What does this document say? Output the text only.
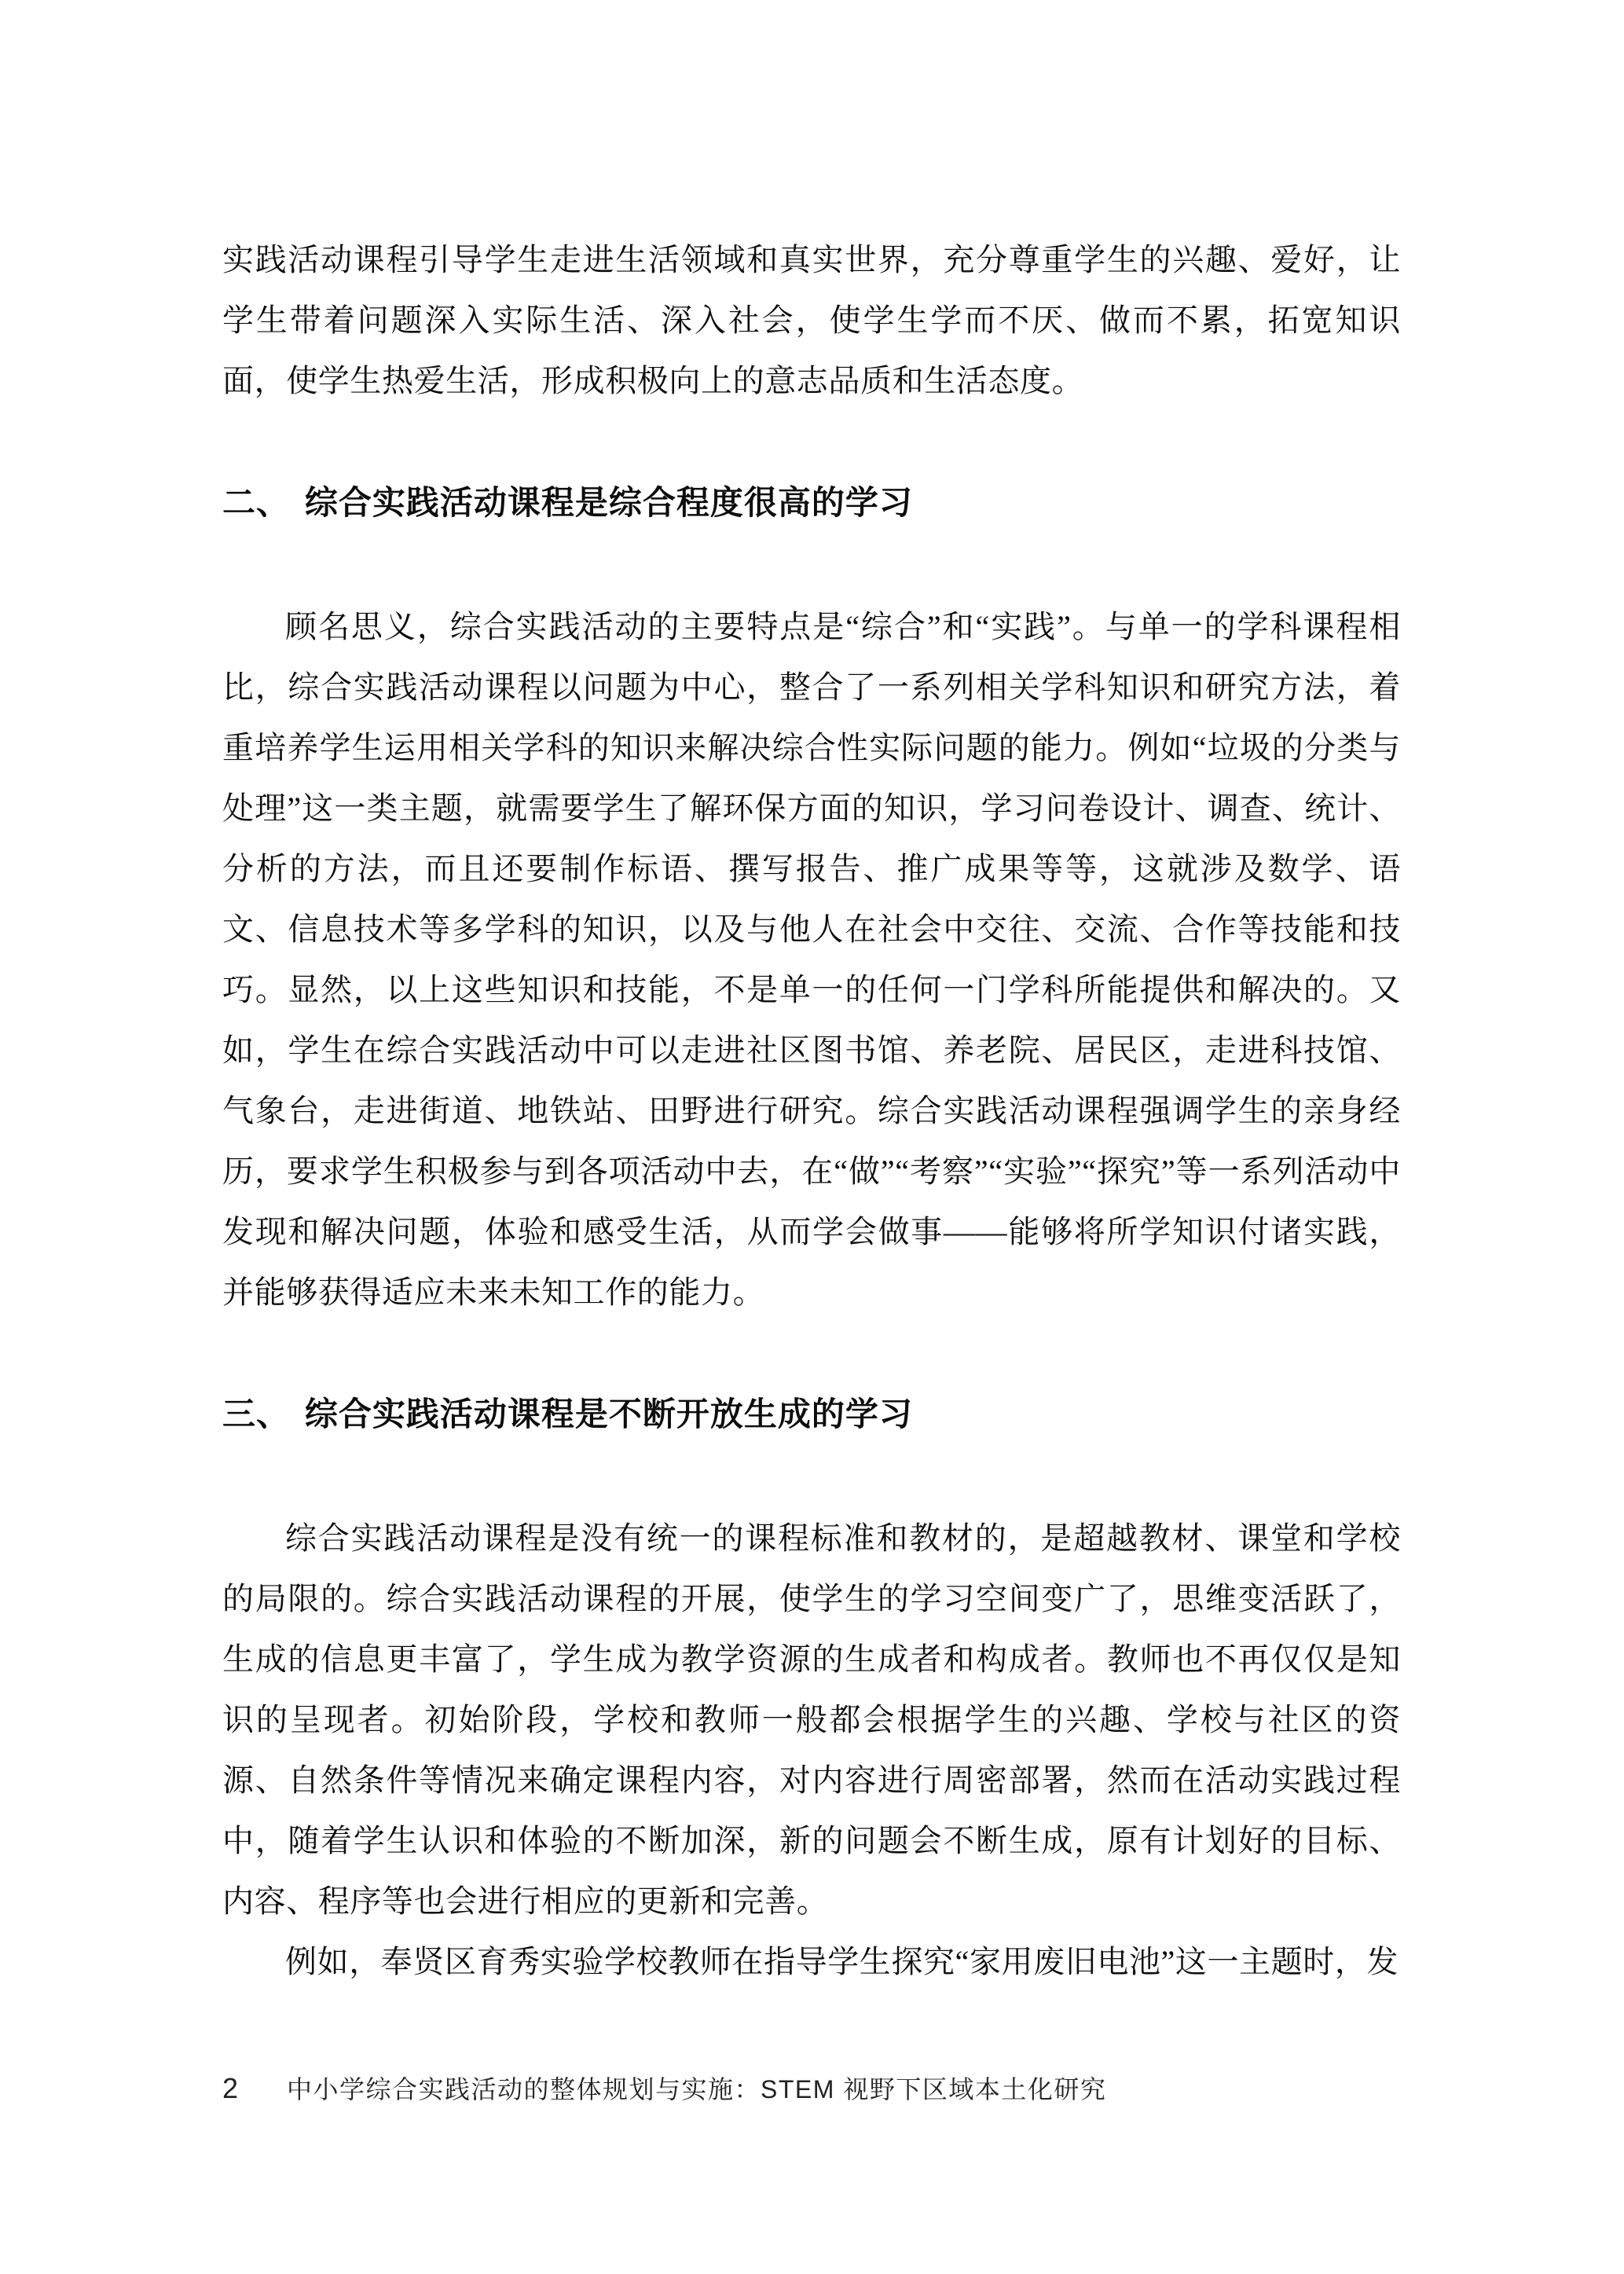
实践活动课程引导学生走进生活领域和真实世界，充分尊重学生的兴趣、爱好，让学生带着问题深入实际生活、深入社会，使学生学而不厌、做而不累，拓宽知识面，使学生热爱生活，形成积极向上的意志品质和生活态度。

二、 综合实践活动课程是综合程度很高的学习

顾名思义，综合实践活动的主要特点是“综合”和“实践”。与单一的学科课程相比，综合实践活动课程以问题为中心，整合了一系列相关学科知识和研究方法，着重培养学生运用相关学科的知识来解决综合性实际问题的能力。例如“垃圾的分类与处理”这一类主题，就需要学生了解环保方面的知识，学习问卷设计、调查、统计、分析的方法，而且还要制作标语、撰写报告、推广成果等等，这就涉及数学、语文、信息技术等多学科的知识，以及与他人在社会中交往、交流、合作等技能和技巧。显然，以上这些知识和技能，不是单一的任何一门学科所能提供和解决的。又如，学生在综合实践活动中可以走进社区图书馆、养老院、居民区，走进科技馆、气象台，走进街道、地铁站、田野进行研究。综合实践活动课程强调学生的亲身经历，要求学生积极参与到各项活动中去，在“做”“考察”“实验”“探究”等一系列活动中发现和解决问题，体验和感受生活，从而学会做事——能够将所学知识付诸实践，并能够获得适应未来未知工作的能力。

三、 综合实践活动课程是不断开放生成的学习

综合实践活动课程是没有统一的课程标准和教材的，是超越教材、课堂和学校的局限的。综合实践活动课程的开展，使学生的学习空间变广了，思维变活跃了，生成的信息更丰富了，学生成为教学资源的生成者和构成者。教师也不再仅仅是知识的呈现者。初始阶段，学校和教师一般都会根据学生的兴趣、学校与社区的资源、自然条件等情况来确定课程内容，对内容进行周密部署，然而在活动实践过程中，随着学生认识和体验的不断加深，新的问题会不断生成，原有计划好的目标、内容、程序等也会进行相应的更新和完善。

例如，奉贤区育秀实验学校教师在指导学生探究“家用废旧电池”这一主题时，发

2 中小学综合实践活动的整体规划与实施：STEM 视野下区域本土化研究
